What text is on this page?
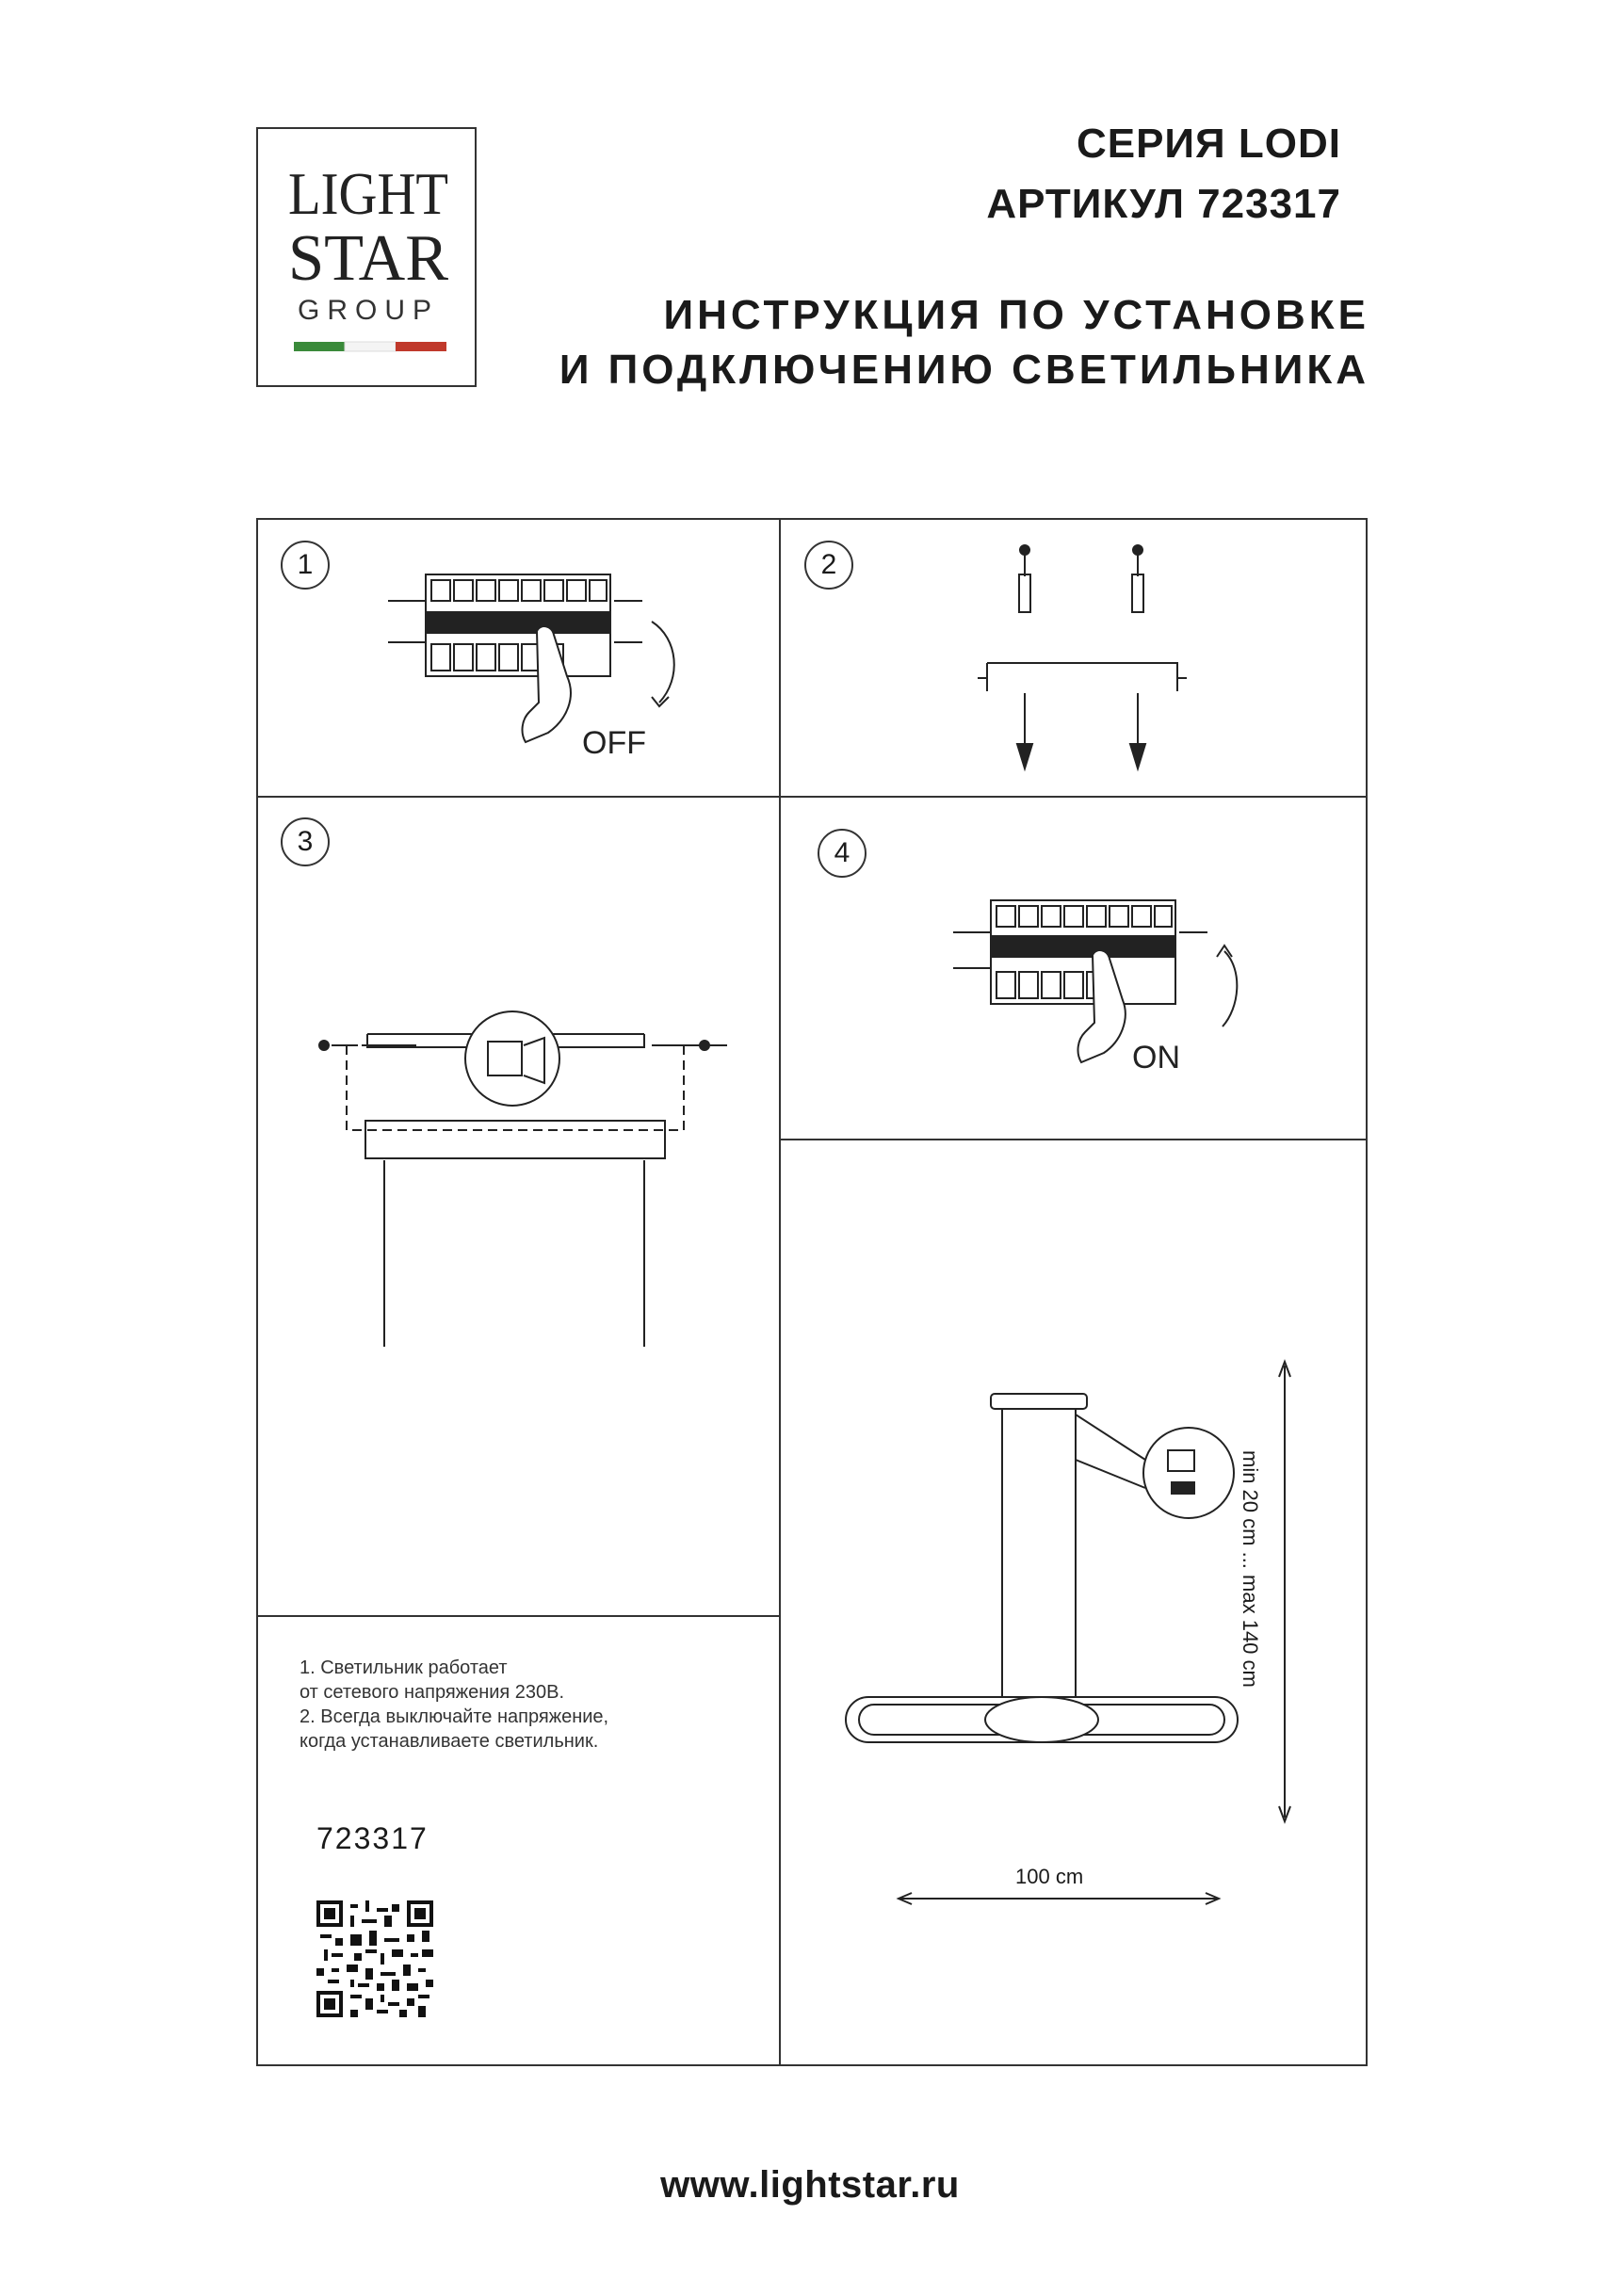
LIGHT
STAR
GROUP
СЕРИЯ LODI
АРТИКУЛ 723317
ИНСТРУКЦИЯ ПО УСТАНОВКЕ
И ПОДКЛЮЧЕНИЮ СВЕТИЛЬНИКА
OFF
ON
1	2
3	4
1. Светильник работает
от сетевого напряжения 230В.
2. Всегда выключайте напряжение,
когда устанавливаете светильник.
723317
100 cm
min 20 cm ... max 140 cm
www.lightstar.ru
